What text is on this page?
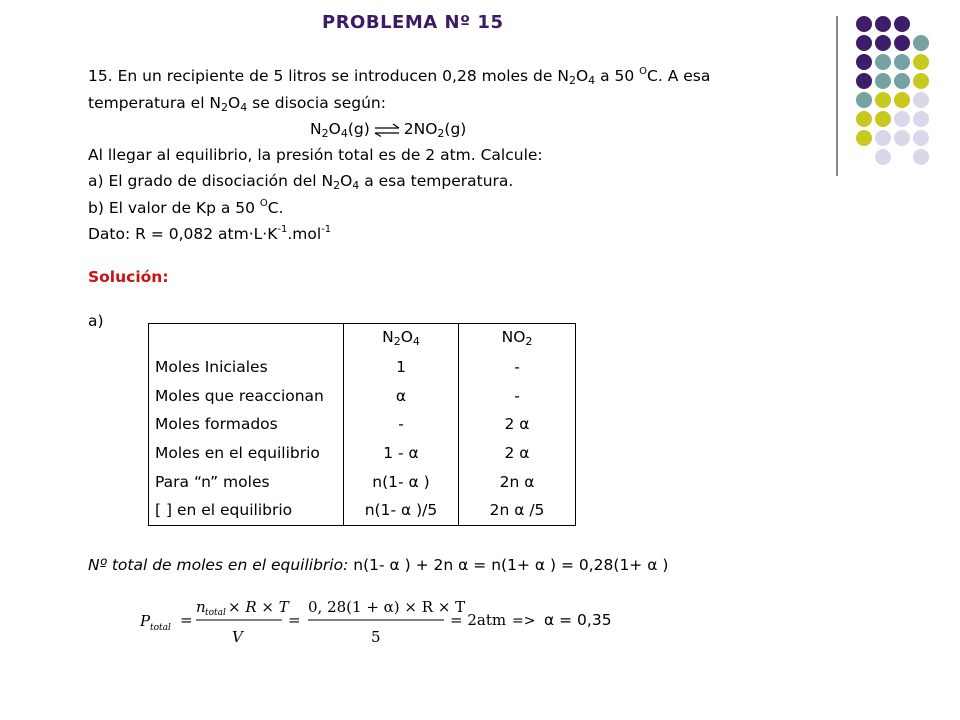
PROBLEMA Nº 15
15. En un recipiente de 5 litros se introducen 0,28 moles de $N_2O_4$ a 50 $^O$C. A esa
temperatura el $N_2O_4$ se disocia según:
$N_2O_4(g)$ ⇌ $2NO_2(g)$
Al llegar al equilibrio, la presión total es de 2 atm. Calcule:
a) El grado de disociación del $N_2O_4$ a esa temperatura.
b) El valor de Kp a 50 $^O$C.
Dato: R = 0,082 $atm\cdot L\cdot K^{-1}.mol^{-1}$
Solución:
a)
	$N_2O_4$	$NO_2$
Moles Iniciales	1	-
Moles que reaccionan	α	-
Moles formados	-	2 α
Moles en el equilibrio	1 - α	2 α
Para “n” moles	n(1- α )	2n α
[ ] en el equilibrio	n(1- α )/5	2n α /5
Nº total de moles en el equilibrio: n(1- α ) + 2n α = n(1+ α ) = 0,28(1+ α )
P total =
n total × R × T
V
=
0, 28(1 + α) × R × T
5
= 2atm => α = 0,35
